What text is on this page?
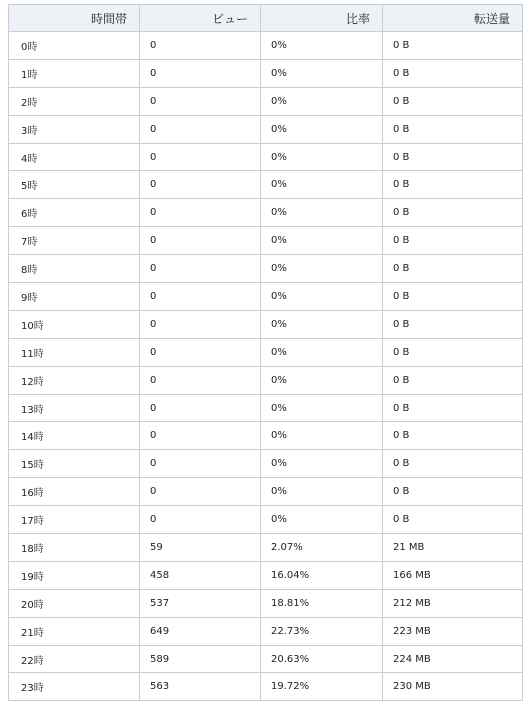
時間帯	ビュー	比率	転送量
0時	0	0%	0 B
1時	0	0%	0 B
2時	0	0%	0 B
3時	0	0%	0 B
4時	0	0%	0 B
5時	0	0%	0 B
6時	0	0%	0 B
7時	0	0%	0 B
8時	0	0%	0 B
9時	0	0%	0 B
10時	0	0%	0 B
11時	0	0%	0 B
12時	0	0%	0 B
13時	0	0%	0 B
14時	0	0%	0 B
15時	0	0%	0 B
16時	0	0%	0 B
17時	0	0%	0 B
18時	59	2.07%	21 MB
19時	458	16.04%	166 MB
20時	537	18.81%	212 MB
21時	649	22.73%	223 MB
22時	589	20.63%	224 MB
23時	563	19.72%	230 MB
